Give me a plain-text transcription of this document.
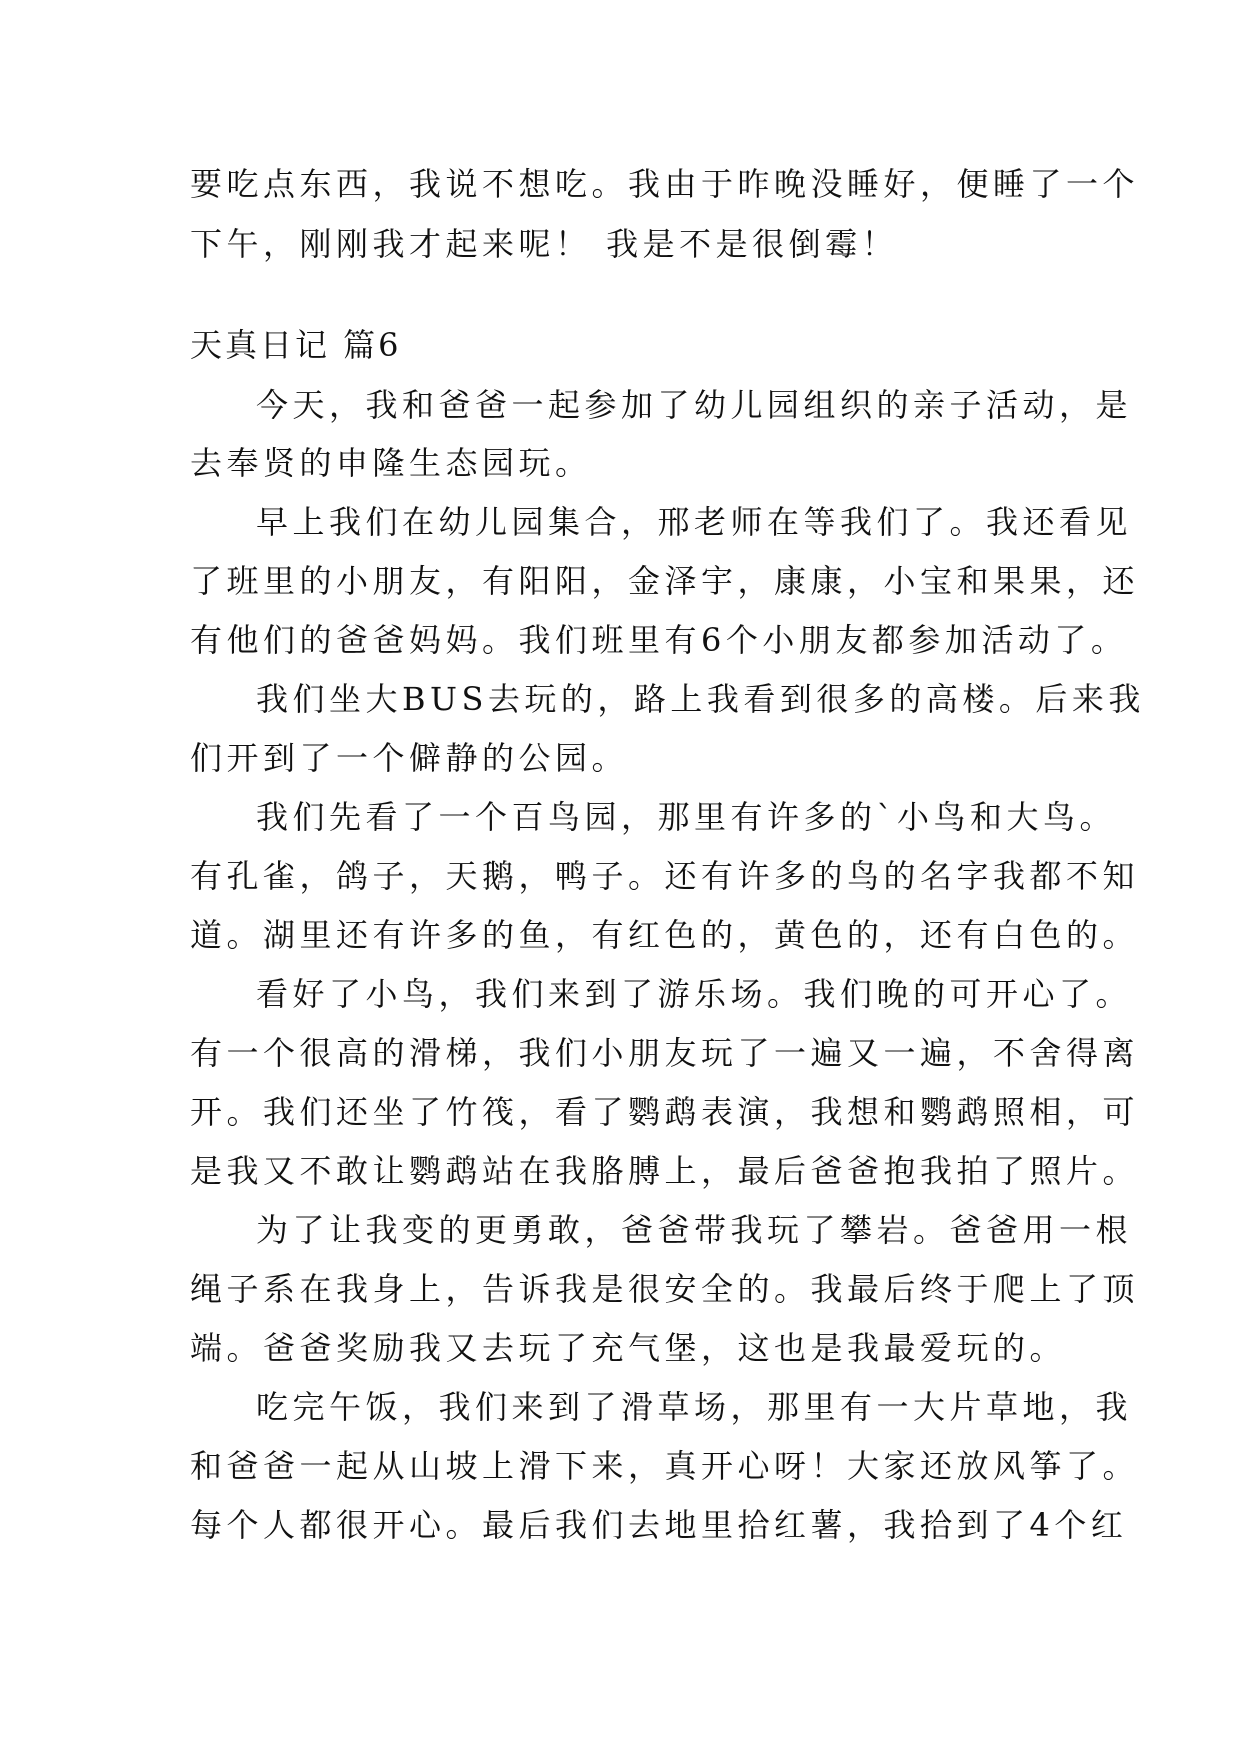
要吃点东西，我说不想吃。我由于昨晚没睡好，便睡了一个
下午，刚刚我才起来呢！ 我是不是很倒霉！
天真日记 篇6
今天，我和爸爸一起参加了幼儿园组织的亲子活动，是
去奉贤的申隆生态园玩。
早上我们在幼儿园集合，邢老师在等我们了。我还看见
了班里的小朋友，有阳阳，金泽宇，康康，小宝和果果，还
有他们的爸爸妈妈。我们班里有6个小朋友都参加活动了。
我们坐大BUS去玩的，路上我看到很多的高楼。后来我
们开到了一个僻静的公园。
我们先看了一个百鸟园，那里有许多的`小鸟和大鸟。
有孔雀，鸽子，天鹅，鸭子。还有许多的鸟的名字我都不知
道。湖里还有许多的鱼，有红色的，黄色的，还有白色的。
看好了小鸟，我们来到了游乐场。我们晚的可开心了。
有一个很高的滑梯，我们小朋友玩了一遍又一遍，不舍得离
开。我们还坐了竹筏，看了鹦鹉表演，我想和鹦鹉照相，可
是我又不敢让鹦鹉站在我胳膊上，最后爸爸抱我拍了照片。
为了让我变的更勇敢，爸爸带我玩了攀岩。爸爸用一根
绳子系在我身上，告诉我是很安全的。我最后终于爬上了顶
端。爸爸奖励我又去玩了充气堡，这也是我最爱玩的。
吃完午饭，我们来到了滑草场，那里有一大片草地，我
和爸爸一起从山坡上滑下来，真开心呀！大家还放风筝了。
每个人都很开心。最后我们去地里拾红薯，我拾到了4个红
